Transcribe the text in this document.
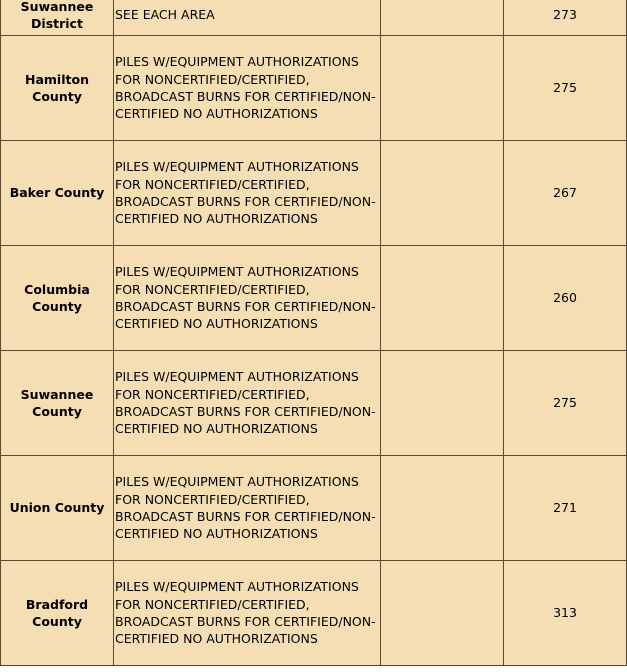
Suwannee District	SEE EACH AREA		273
Hamilton County	PILES W/EQUIPMENT AUTHORIZATIONS FOR NONCERTIFIED/CERTIFIED, BROADCAST BURNS FOR CERTIFIED/NON-CERTIFIED NO AUTHORIZATIONS		275
Baker County	PILES W/EQUIPMENT AUTHORIZATIONS FOR NONCERTIFIED/CERTIFIED, BROADCAST BURNS FOR CERTIFIED/NON-CERTIFIED NO AUTHORIZATIONS		267
Columbia County	PILES W/EQUIPMENT AUTHORIZATIONS FOR NONCERTIFIED/CERTIFIED, BROADCAST BURNS FOR CERTIFIED/NON-CERTIFIED NO AUTHORIZATIONS		260
Suwannee County	PILES W/EQUIPMENT AUTHORIZATIONS FOR NONCERTIFIED/CERTIFIED, BROADCAST BURNS FOR CERTIFIED/NON-CERTIFIED NO AUTHORIZATIONS		275
Union County	PILES W/EQUIPMENT AUTHORIZATIONS FOR NONCERTIFIED/CERTIFIED, BROADCAST BURNS FOR CERTIFIED/NON-CERTIFIED NO AUTHORIZATIONS		271
Bradford County	PILES W/EQUIPMENT AUTHORIZATIONS FOR NONCERTIFIED/CERTIFIED, BROADCAST BURNS FOR CERTIFIED/NON-CERTIFIED NO AUTHORIZATIONS		313
